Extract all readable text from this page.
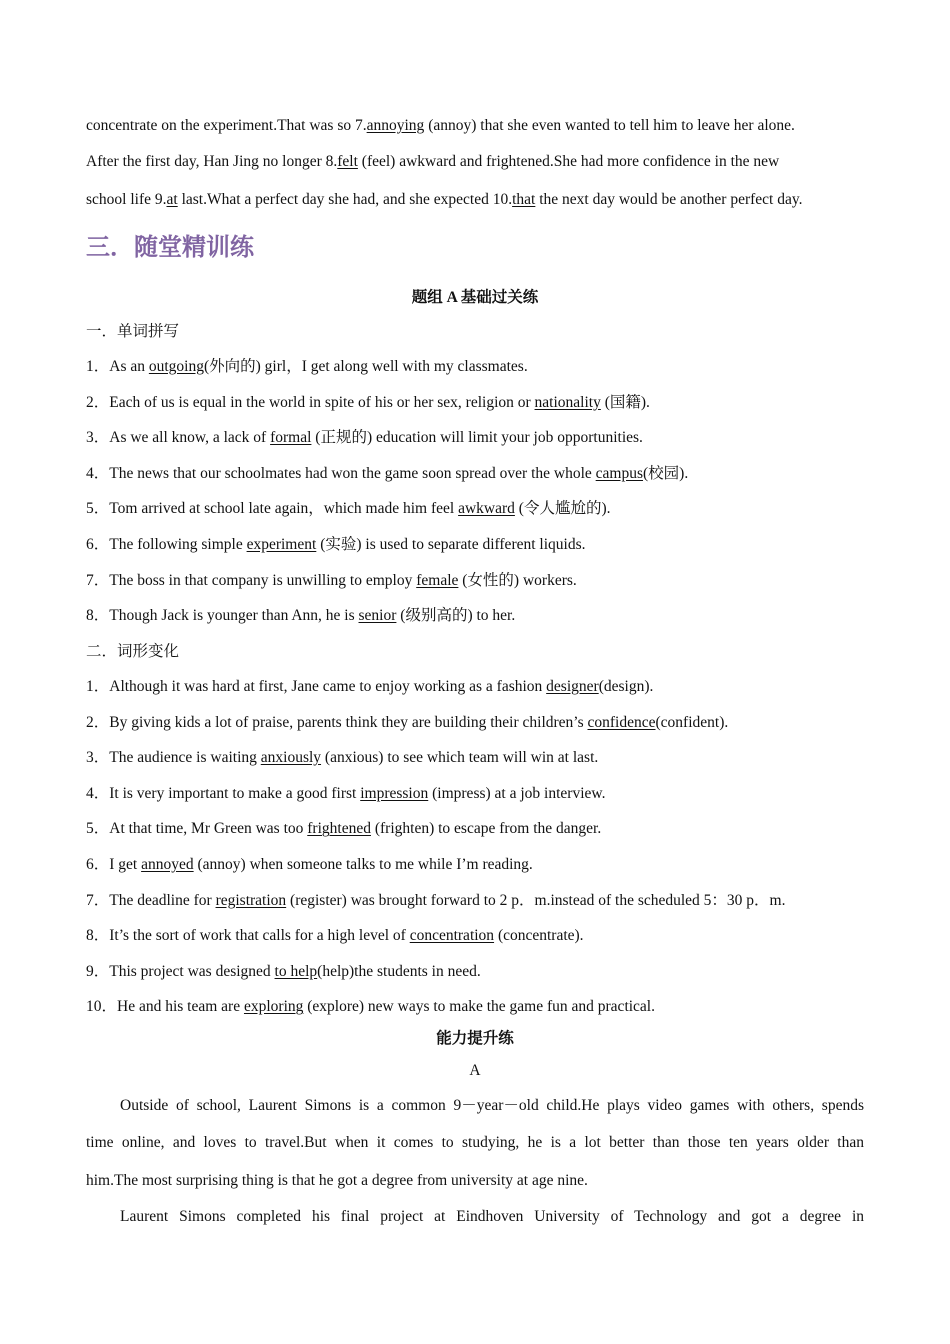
concentrate on the experiment.That was so 7.annoying (annoy) that she even wanted to tell him to leave her alone.
After the first day, Han Jing no longer 8.felt (feel) awkward and frightened.She had more confidence in the new
school life 9.at last.What a perfect day she had, and she expected 10.that the next day would be another perfect day.
三．随堂精训练
题组 A 基础过关练
一．单词拼写
1．As an outgoing(外向的) girl，I get along well with my classmates.
2．Each of us is equal in the world in spite of his or her sex, religion or nationality (国籍).
3．As we all know, a lack of formal (正规的) education will limit your job opportunities.
4．The news that our schoolmates had won the game soon spread over the whole campus(校园).
5．Tom arrived at school late again，which made him feel awkward (令人尴尬的).
6．The following simple experiment (实验) is used to separate different liquids.
7．The boss in that company is unwilling to employ female (女性的) workers.
8．Though Jack is younger than Ann, he is senior (级别高的) to her.
二．词形变化
1．Although it was hard at first, Jane came to enjoy working as a fashion designer(design).
2．By giving kids a lot of praise, parents think they are building their children’s confidence(confident).
3．The audience is waiting anxiously (anxious) to see which team will win at last.
4．It is very important to make a good first impression (impress) at a job interview.
5．At that time, Mr Green was too frightened (frighten) to escape from the danger.
6．I get annoyed (annoy) when someone talks to me while I’m reading.
7．The deadline for registration (register) was brought forward to 2 p．m.instead of the scheduled 5：30 p．m.
8．It’s the sort of work that calls for a high level of concentration (concentrate).
9．This project was designed to help(help)the students in need.
10．He and his team are exploring (explore) new ways to make the game fun and practical.
能力提升练
A
Outside of school, Laurent Simons is a common 9－year－old child.He plays video games with others, spends
time online, and loves to travel.But when it comes to studying, he is a lot better than those ten years older than
him.The most surprising thing is that he got a degree from university at age nine.
Laurent Simons completed his final project at Eindhoven University of Technology and got a degree in
